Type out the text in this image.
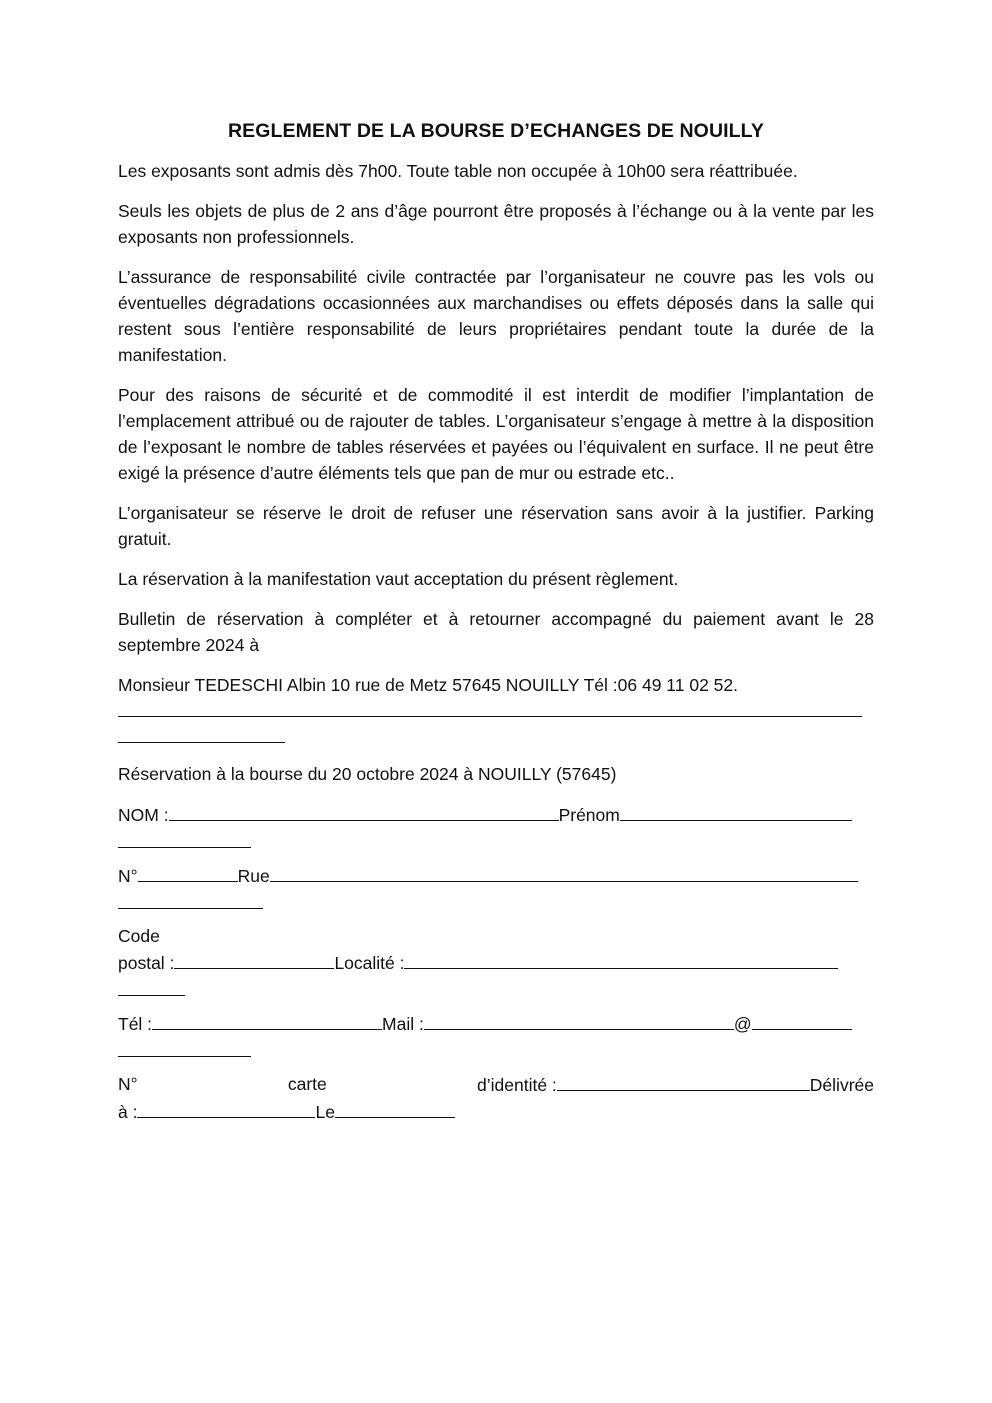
REGLEMENT DE LA BOURSE D’ECHANGES DE NOUILLY

Les exposants sont admis dès 7h00. Toute table non occupée à 10h00 sera réattribuée.

Seuls les objets de plus de 2 ans d’âge pourront être proposés à l’échange ou à la vente par les exposants non professionnels.

L’assurance de responsabilité civile contractée par l’organisateur ne couvre pas les vols ou éventuelles dégradations occasionnées aux marchandises ou effets déposés dans la salle qui restent sous l’entière responsabilité de leurs propriétaires pendant toute la durée de la manifestation.

Pour des raisons de sécurité et de commodité il est interdit de modifier l’implantation de l’emplacement attribué ou de rajouter de tables. L’organisateur s’engage à mettre à la disposition de l’exposant le nombre de tables réservées et payées ou l’équivalent en surface. Il ne peut être exigé la présence d’autre éléments tels que pan de mur ou estrade etc..

L’organisateur se réserve le droit de refuser une réservation sans avoir à la justifier. Parking gratuit.

La réservation à la manifestation vaut acceptation du présent règlement.

Bulletin de réservation à compléter et à retourner accompagné du paiement avant le 28 septembre 2024 à

Monsieur TEDESCHI Albin 10 rue de Metz 57645 NOUILLY Tél :06 49 11 02 52.

Réservation à la bourse du 20 octobre 2024 à NOUILLY (57645)

NOM :	Prénom
N°	Rue
Code
postal :	Localité :
Tél :	Mail :	@
N°	carte	d’identité :	Délivrée
à :	Le
